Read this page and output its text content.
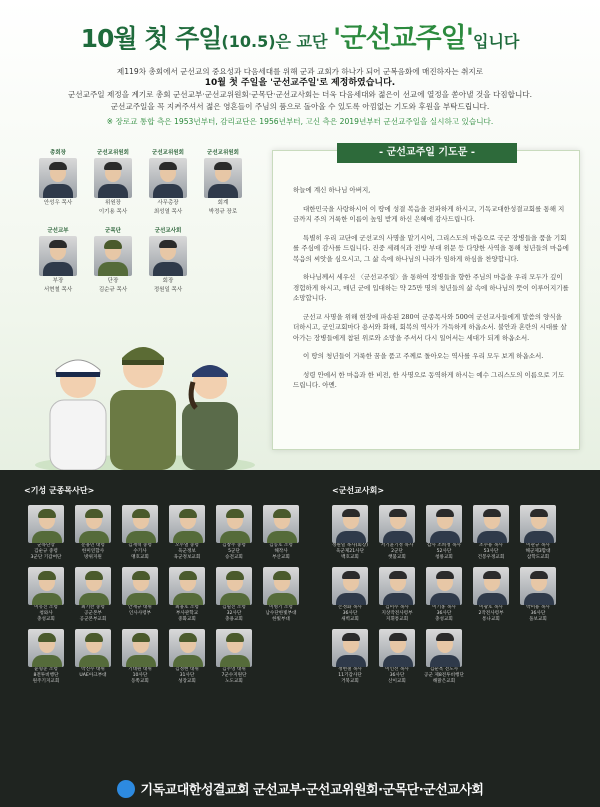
10월 첫 주일(10.5)은 교단 '군선교주일'입니다
제119차 총회에서 군선교의 중요성과 다음세대를 위해 군과 교회가 하나가 되어 군복음화에 매진하자는 취지로
10월 첫 주일을 '군선교주일'로 제정하였습니다.
군선교주일 제정을 계기로 총회 군선교부·군선교위원회·군목단·군선교사회는 더욱 다음세대와 젊은이 선교에 열정을 쏟아낼 것을 다짐합니다.
군선교주일을 꼭 지켜주셔서 젊은 영혼들이 주님의 품으로 돌아올 수 있도록 아낌없는 기도와 후원을 부탁드립니다.
※ 장로교 통합 측은 1953년부터, 감리교단은 1956년부터, 고신 측은 2019년부터 군선교주일을 실시하고 있습니다.
총회장
안성우 목사
군선교위원회
위원장
이기용 목사
군선교위원회
사무총장
최성열 목사
군선교위원회
회계
박정규 장로
군선교부
부장
서현철 목사
군목단
단장
김순규 목사
군선교사회
회장
정원일 목사
- 군선교주일 기도문 -

하늘에 계신 하나님 아버지,

대한민국을 사랑하시어 이 땅에 성결 복음을 전파하게 하시고, 기독교대한성결교회를 통해 지금까지 주의 거룩한 이름이 높임 받게 하신 은혜에 감사드립니다.

특별히 우리 교단에 군선교의 사명을 맡기시어, 그리스도의 마음으로 국군 장병들을 품을 기회를 주심에 감사를 드립니다. 진중 세례식과 전방 부대 위문 등 다양한 사역을 통해 청년들의 마음에 복음의 씨앗을 심으시고, 그 삶 속에 하나님의 나라가 임하게 하심을 찬양합니다.

하나님께서 세우신 〈군선교주일〉을 통하여 장병들을 향한 주님의 마음을 우리 모두가 깊이 경험하게 하시고, 매년 군에 입대하는 약 25만 명의 청년들의 삶 속에 하나님의 뜻이 이루어지기를 소망합니다.

군선교 사명을 위해 현장에 파송된 280여 군종목사와 500여 군선교사들에게 말씀의 양식을 더하시고, 군인교회마다 용서와 화해, 회복의 역사가 가득하게 하옵소서. 불안과 혼란의 시대를 살아가는 장병들에게 참된 위로와 소망을 주셔서 다시 일어서는 세대가 되게 하옵소서.

이 땅의 청년들이 거룩한 꿈을 품고 주께로 돌아오는 역사를 우리 모두 보게 하옵소서.

성령 안에서 한 마음과 한 비전, 한 사명으로 동역하게 하시는 예수 그리스도의 이름으로 기도드립니다. 아멘.

<기성 군종목사단>
군목단장
김순규 중령
3군단 기갑여단
문용민 대령
한미연합사
방위지원
김재혁 중령
수기사
맹호교회
오두열 중령
육군정보
육군정보교회
김창주 중령
5군단
승전교회
김동호 소령
해작사
부산교회
이유진 소령
청와사
충성교회
최기찬 중령
공군본부
공군본부교회
안재규 대위
인사사령부
최용호 소령
부사관학교
중화교회
김필진 소령
32사단
충용교회
이병기 소령
남수단한빛부대
한빛부대
윤형준 소령
8전투비행단
원주기지교회
박진수 대위
UAE아크부대
기대원 대위
10사단
동쪽교회
김정현 대위
31사단
성장교회
김주영 대위
7군수지원단
노도교회
<군선교사회>
정원일 목사(회장)
육군제21사단
백호교회
서기윤기정 목사
2군단
햇불교회
감사 조희정 목사
52사단
청룡교회
조수용 목사
53사단
건봉우정교회
이관규 목사
해군제3함대
삼학도교회
손정화 목사
36사단
새벽교회
김미수 목사
지상작전사령부
지휘통교회
이기홍 목사
36사단
충성교회
이광호 목사
2작전사령부
통나교회
박미용 목사
36사단
돌보교회
정현철 목사
11기갑사단
거북교회
이인선 목사
36사단
산이교회
김순옥 전도사
공군 제8전투비행단
해맑은교회
기독교대한성결교회 군선교부·군선교위원회·군목단·군선교사회
